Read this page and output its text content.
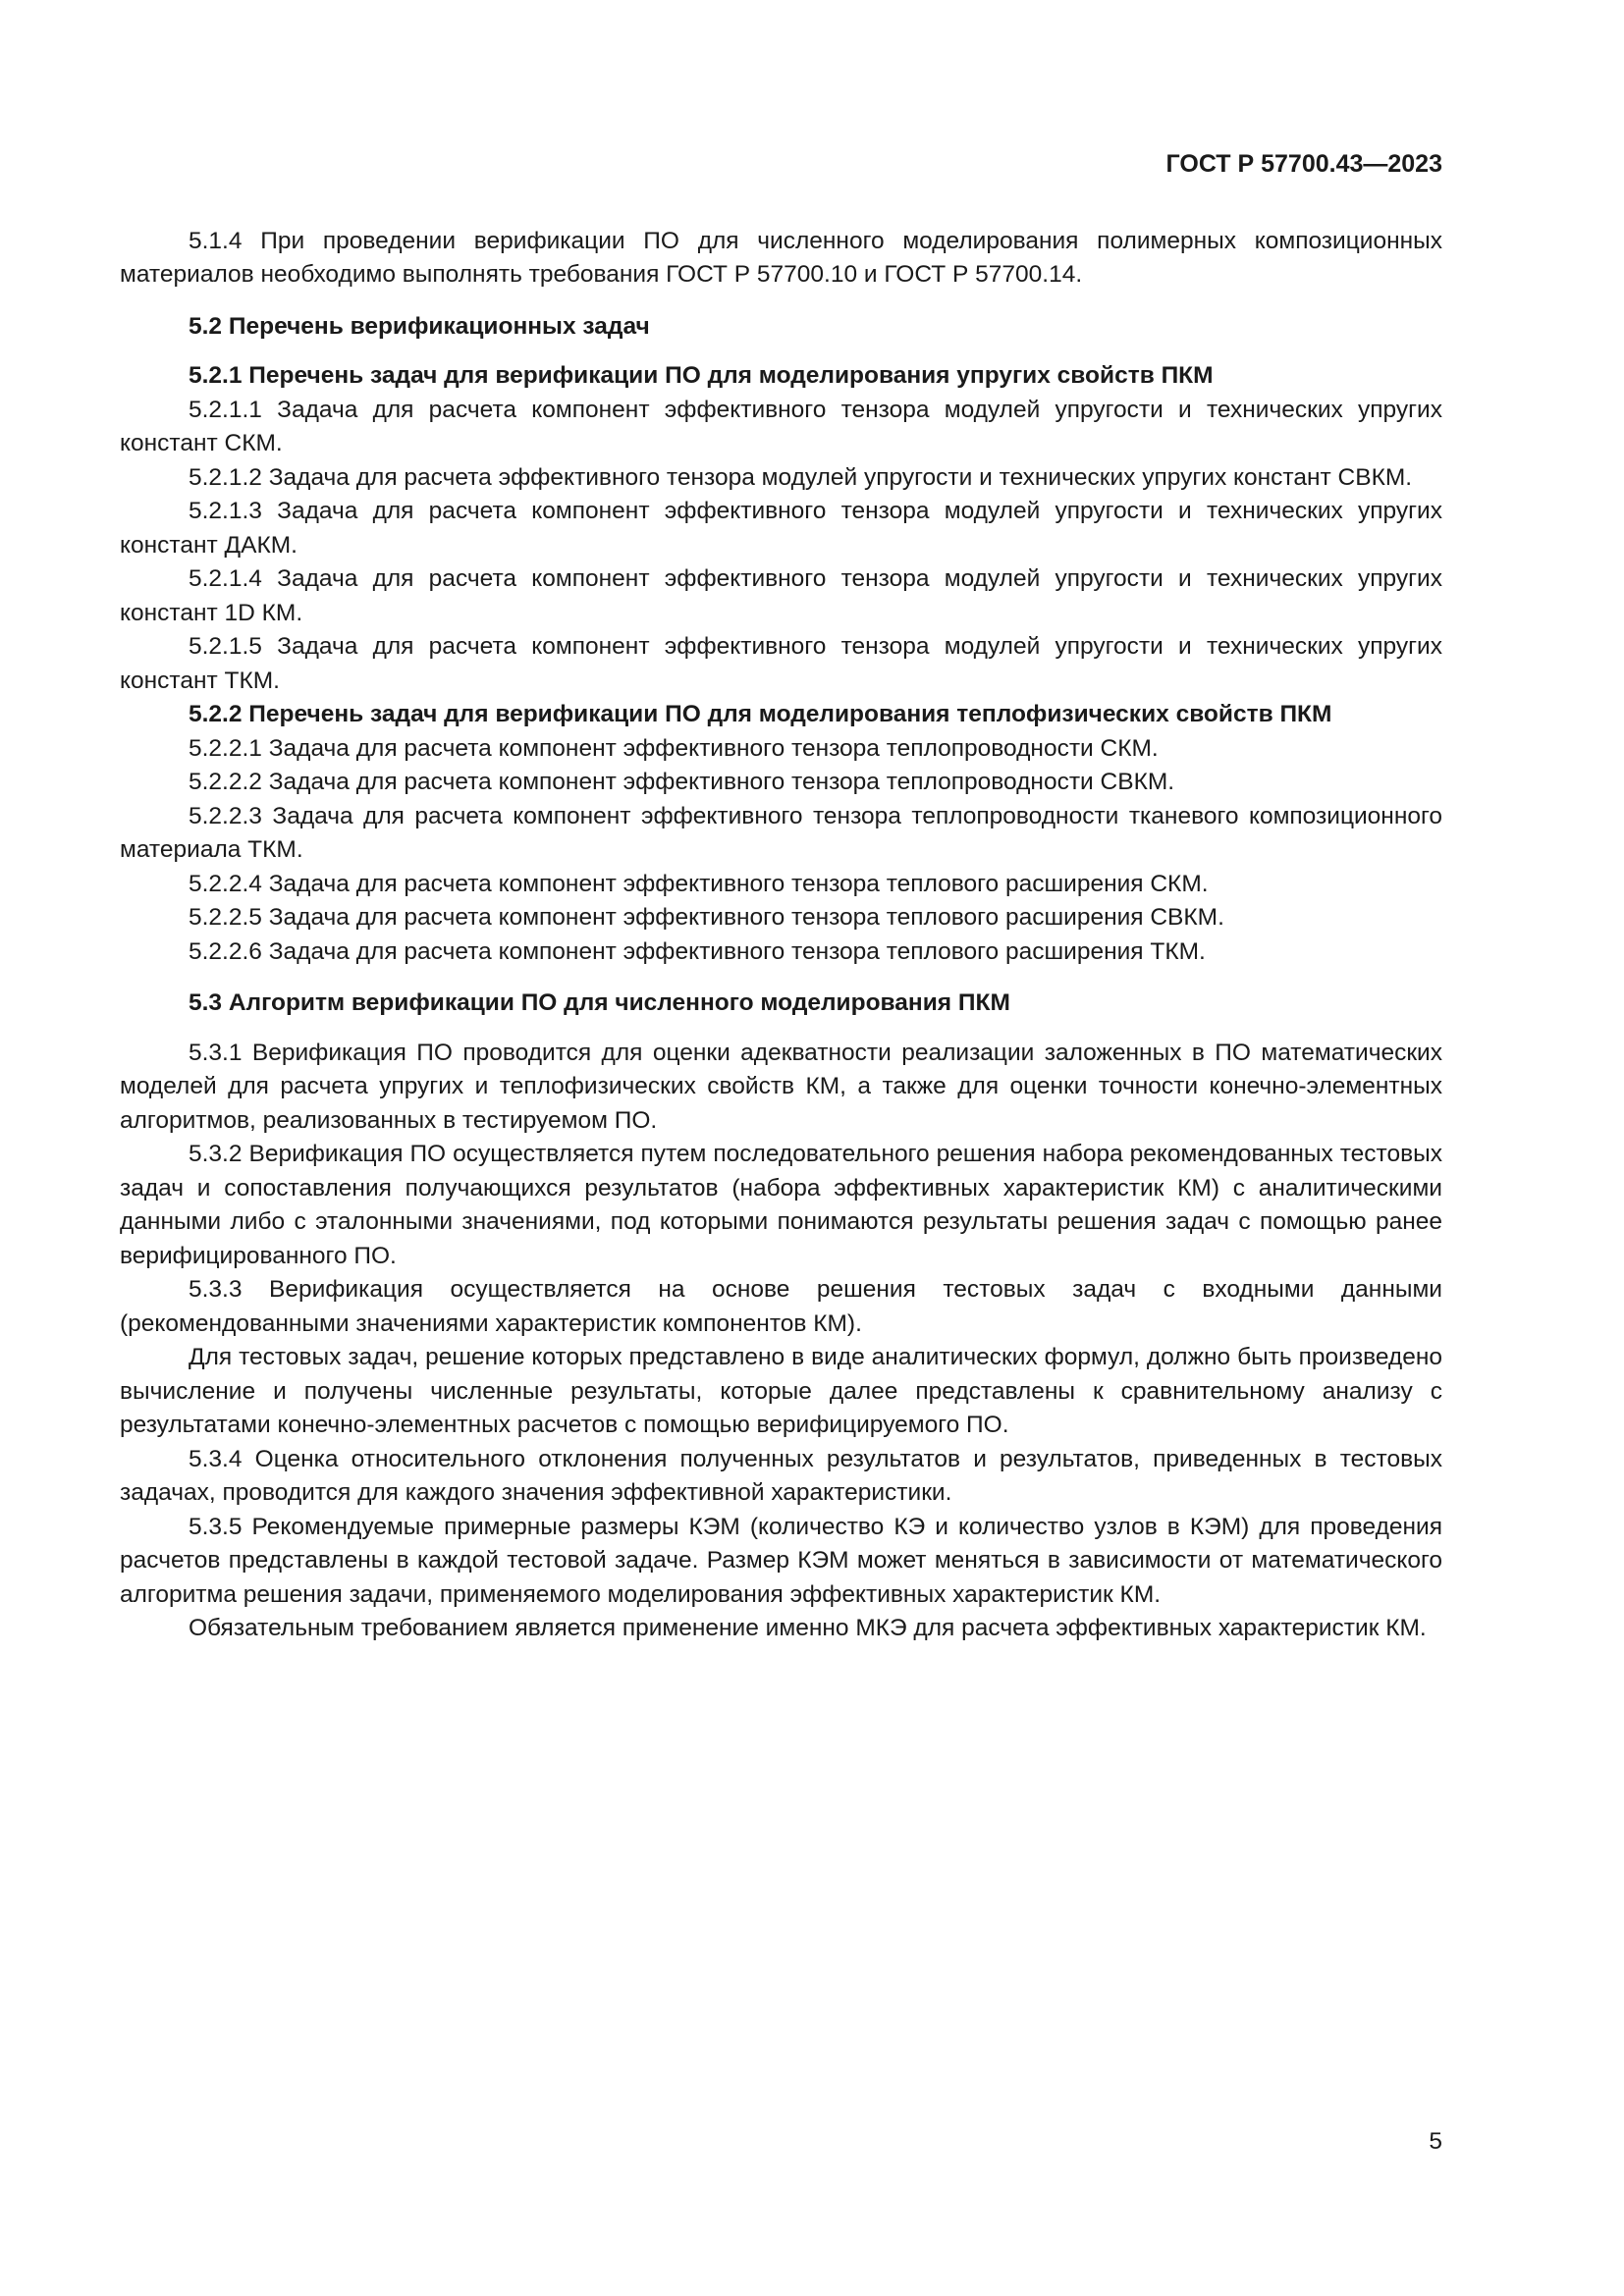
ГОСТ Р 57700.43—2023

5.1.4 При проведении верификации ПО для численного моделирования полимерных композиционных материалов необходимо выполнять требования ГОСТ Р 57700.10 и ГОСТ Р 57700.14.

5.2 Перечень верификационных задач

5.2.1 Перечень задач для верификации ПО для моделирования упругих свойств ПКМ

5.2.1.1 Задача для расчета компонент эффективного тензора модулей упругости и технических упругих констант СКМ.

5.2.1.2 Задача для расчета эффективного тензора модулей упругости и технических упругих констант СВКМ.

5.2.1.3 Задача для расчета компонент эффективного тензора модулей упругости и технических упругих констант ДАКМ.

5.2.1.4 Задача для расчета компонент эффективного тензора модулей упругости и технических упругих констант 1D КМ.

5.2.1.5 Задача для расчета компонент эффективного тензора модулей упругости и технических упругих констант ТКМ.

5.2.2 Перечень задач для верификации ПО для моделирования теплофизических свойств ПКМ

5.2.2.1 Задача для расчета компонент эффективного тензора теплопроводности СКМ.

5.2.2.2 Задача для расчета компонент эффективного тензора теплопроводности СВКМ.

5.2.2.3 Задача для расчета компонент эффективного тензора теплопроводности тканевого композиционного материала ТКМ.

5.2.2.4 Задача для расчета компонент эффективного тензора теплового расширения СКМ.

5.2.2.5 Задача для расчета компонент эффективного тензора теплового расширения СВКМ.

5.2.2.6 Задача для расчета компонент эффективного тензора теплового расширения ТКМ.

5.3 Алгоритм верификации ПО для численного моделирования ПКМ

5.3.1 Верификация ПО проводится для оценки адекватности реализации заложенных в ПО математических моделей для расчета упругих и теплофизических свойств КМ, а также для оценки точности конечно-элементных алгоритмов, реализованных в тестируемом ПО.

5.3.2 Верификация ПО осуществляется путем последовательного решения набора рекомендованных тестовых задач и сопоставления получающихся результатов (набора эффективных характеристик КМ) с аналитическими данными либо с эталонными значениями, под которыми понимаются результаты решения задач с помощью ранее верифицированного ПО.

5.3.3 Верификация осуществляется на основе решения тестовых задач с входными данными (рекомендованными значениями характеристик компонентов КМ).

Для тестовых задач, решение которых представлено в виде аналитических формул, должно быть произведено вычисление и получены численные результаты, которые далее представлены к сравнительному анализу с результатами конечно-элементных расчетов с помощью верифицируемого ПО.

5.3.4 Оценка относительного отклонения полученных результатов и результатов, приведенных в тестовых задачах, проводится для каждого значения эффективной характеристики.

5.3.5 Рекомендуемые примерные размеры КЭМ (количество КЭ и количество узлов в КЭМ) для проведения расчетов представлены в каждой тестовой задаче. Размер КЭМ может меняться в зависимости от математического алгоритма решения задачи, применяемого моделирования эффективных характеристик КМ.

Обязательным требованием является применение именно МКЭ для расчета эффективных характеристик КМ.

5
